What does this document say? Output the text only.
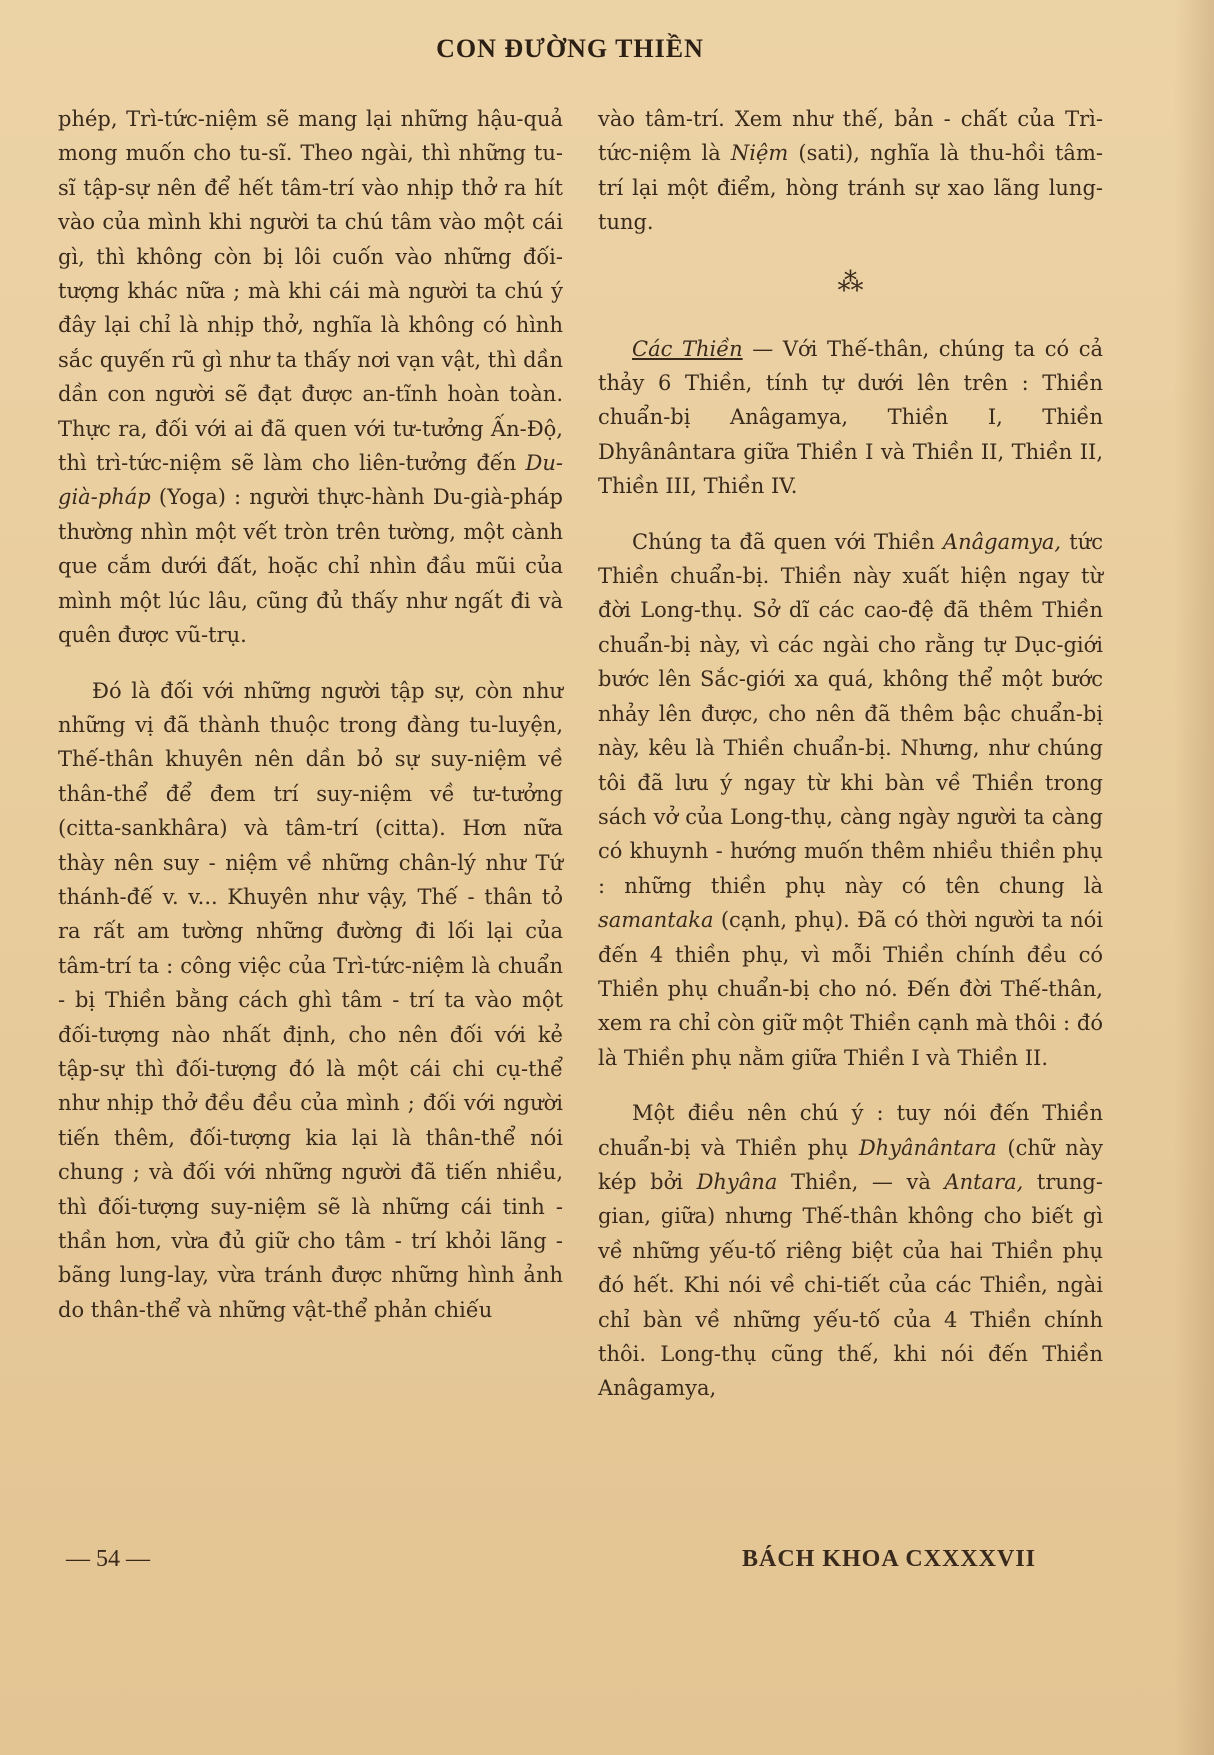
CON ĐƯỜNG THIỀN

phép, Trì-tức-niệm sẽ mang lại những hậu-quả mong muốn cho tu-sĩ. Theo ngài, thì những tu-sĩ tập-sự nên để hết tâm-trí vào nhịp thở ra hít vào của mình khi người ta chú tâm vào một cái gì, thì không còn bị lôi cuốn vào những đối-tượng khác nữa ; mà khi cái mà người ta chú ý đây lại chỉ là nhịp thở, nghĩa là không có hình sắc quyến rũ gì như ta thấy nơi vạn vật, thì dần dần con người sẽ đạt được an-tĩnh hoàn toàn. Thực ra, đối với ai đã quen với tư-tưởng Ấn-Độ, thì trì-tức-niệm sẽ làm cho liên-tưởng đến Du-già-pháp (Yoga) : người thực-hành Du-già-pháp thường nhìn một vết tròn trên tường, một cành que cắm dưới đất, hoặc chỉ nhìn đầu mũi của mình một lúc lâu, cũng đủ thấy như ngất đi và quên được vũ-trụ.

Đó là đối với những người tập sự, còn như những vị đã thành thuộc trong đàng tu-luyện, Thế-thân khuyên nên dần bỏ sự suy-niệm về thân-thể để đem trí suy-niệm về tư-tưởng (citta-sankhâra) và tâm-trí (citta). Hơn nữa thày nên suy - niệm về những chân-lý như Tứ thánh-đế v. v... Khuyên như vậy, Thế - thân tỏ ra rất am tường những đường đi lối lại của tâm-trí ta : công việc của Trì-tức-niệm là chuẩn - bị Thiền bằng cách ghì tâm - trí ta vào một đối-tượng nào nhất định, cho nên đối với kẻ tập-sự thì đối-tượng đó là một cái chi cụ-thể như nhịp thở đều đều của mình ; đối với người tiến thêm, đối-tượng kia lại là thân-thể nói chung ; và đối với những người đã tiến nhiều, thì đối-tượng suy-niệm sẽ là những cái tinh - thần hơn, vừa đủ giữ cho tâm - trí khỏi lãng - bãng lung-lay, vừa tránh được những hình ảnh do thân-thể và những vật-thể phản chiếu

vào tâm-trí. Xem như thế, bản - chất của Trì-tức-niệm là Niệm (sati), nghĩa là thu-hồi tâm-trí lại một điểm, hòng tránh sự xao lãng lung-tung.

⁂

Các Thiền — Với Thế-thân, chúng ta có cả thảy 6 Thiền, tính tự dưới lên trên : Thiền chuẩn-bị Anâgamya, Thiền I, Thiền Dhyânântara giữa Thiền I và Thiền II, Thiền II, Thiền III, Thiền IV.

Chúng ta đã quen với Thiền Anâgamya, tức Thiền chuẩn-bị. Thiền này xuất hiện ngay từ đời Long-thụ. Sở dĩ các cao-đệ đã thêm Thiền chuẩn-bị này, vì các ngài cho rằng tự Dục-giới bước lên Sắc-giới xa quá, không thể một bước nhảy lên được, cho nên đã thêm bậc chuẩn-bị này, kêu là Thiền chuẩn-bị. Nhưng, như chúng tôi đã lưu ý ngay từ khi bàn về Thiền trong sách vở của Long-thụ, càng ngày người ta càng có khuynh - hướng muốn thêm nhiều thiền phụ : những thiền phụ này có tên chung là samantaka (cạnh, phụ). Đã có thời người ta nói đến 4 thiền phụ, vì mỗi Thiền chính đều có Thiền phụ chuẩn-bị cho nó. Đến đời Thế-thân, xem ra chỉ còn giữ một Thiền cạnh mà thôi : đó là Thiền phụ nằm giữa Thiền I và Thiền II.

Một điều nên chú ý : tuy nói đến Thiền chuẩn-bị và Thiền phụ Dhyânântara (chữ này kép bởi Dhyâna Thiền, — và Antara, trung-gian, giữa) nhưng Thế-thân không cho biết gì về những yếu-tố riêng biệt của hai Thiền phụ đó hết. Khi nói về chi-tiết của các Thiền, ngài chỉ bàn về những yếu-tố của 4 Thiền chính thôi. Long-thụ cũng thế, khi nói đến Thiền Anâgamya,

— 54 —	BÁCH KHOA CXXXXVII
